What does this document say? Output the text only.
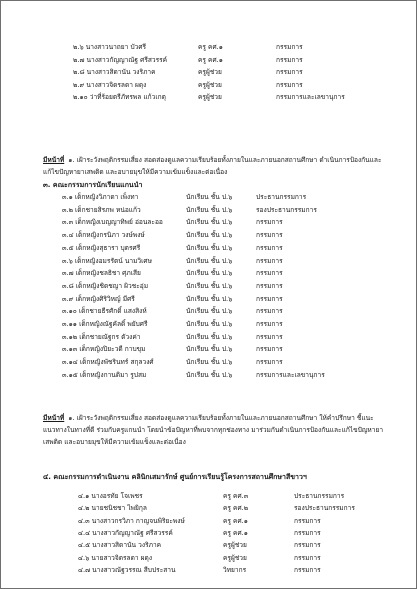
๒.๖ นางสาวนาถยา บัวศรี	ครู คศ.๑	กรรมการ
๒.๗ นางสาวกัญญาณัฐ ศรีสวรรค์	ครู คศ.๑	กรรมการ
๒.๘ นางสาวสิดานัน วงริภาค	ครูผู้ช่วย	กรรมการ
๒.๙ นางสาวจิดรลดา ผดุง	ครูผู้ช่วย	กรรมการ
๒.๑๐ ว่าที่ร้อยตรีภัทรพล แก้วเกตุ	ครูผู้ช่วย	กรรมการและเลขานุการ
มีหน้าที่ ๑. เฝ้าระวังพฤติกรรมเสี่ยง สอดส่องดูแลความเรียบร้อยทั้งภายในและภายนอกสถานศึกษา ดำเนินการป้องกันและแก้ไขปัญหายาเสพติด และอบายมุขให้มีความเข้มแข็งและต่อเนื่อง
๓. คณะกรรมการนักเรียนแกนนำ
๓.๑ เด็กหญิงวิภาดา เพ็งทา	นักเรียน ชั้น ป.๖	ประธานกรรมการ
๓.๒ เด็กชายสิรภพ หน่อแก้ว	นักเรียน ชั้น ป.๖	รองประธานกรรมการ
๓.๓ เด็กหญิงเบญญาทิพย์ อ่อนละออ	นักเรียน ชั้น ป.๖	กรรมการ
๓.๔ เด็กหญิงกรนิภา วงษ์พงษ์	นักเรียน ชั้น ป.๖	กรรมการ
๓.๕ เด็กหญิงสุธารา บุตรศรี	นักเรียน ชั้น ป.๖	กรรมการ
๓.๖ เด็กหญิงอมรรัตน์ นามวิเศษ	นักเรียน ชั้น ป.๖	กรรมการ
๓.๗ เด็กหญิงชลธิชา ศุภเสีย	นักเรียน ชั้น ป.๖	กรรมการ
๓.๘ เด็กหญิงชิดชญา ผิวชะอุ่ม	นักเรียน ชั้น ป.๖	กรรมการ
๓.๙ เด็กหญิงศิริวิหญ์ มีศรี	นักเรียน ชั้น ป.๖	กรรมการ
๓.๑๐ เด็กชายธีรศักดิ์ แสงสิงห์	นักเรียน ชั้น ป.๖	กรรมการ
๓.๑๑ เด็กหญิงณัฐคัลดิ์ พยับศรี	นักเรียน ชั้น ป.๖	กรรมการ
๓.๑๒ เด็กชายณัฐกร ตัวงค่า	นักเรียน ชั้น ป.๖	กรรมการ
๓.๑๓ เด็กหญิงปิยะวดี กาบขุม	นักเรียน ชั้น ป.๖	กรรมการ
๓.๑๔ เด็กหญิงพัชรินทร์ สกุลวงศ์	นักเรียน ชั้น ป.๖	กรรมการ
๓.๑๕ เด็กหญิงกานติมา รูปสม	นักเรียน ชั้น ป.๖	กรรมการและเลขานุการ
มีหน้าที่ ๑. เฝ้าระวังพฤติกรรมเสี่ยง สอดส่องดูแลความเรียบร้อยทั้งภายในและภายนอกสถานศึกษา ให้คำปรึกษา ชี้แนะแนวทางในทางที่ดี ร่วมกับครูแกนนำ โดยนำข้อปัญหาที่พบจากทุกช่องทาง มาร่วมกันดำเนินการป้องกันและแก้ไขปัญหายาเสพติด และอบายมุขให้มีความเข้มแข็งและต่อเนื่อง
๔. คณะกรรมการดำเนินงาน คลินิกเสมารักษ์ ศูนย์การเรียนรู้โครงการสถานศึกษาสีขาวฯ
๔.๑ นางอรทัย โจเพชร	ครู คศ.๓	ประธานกรรมการ
๔.๒ นายชนิชชา ไพยิกุล	ครู คศ.๒	รองประธานกรรมการ
๔.๓ นางสาวกรวิภา กาญจนพิริยะพงษ์	ครู คศ.๑	กรรมการ
๔.๔ นางสาวกัญญาณัฐ ศรีสวรรค์	ครู คศ.๑	กรรมการ
๔.๕ นางสาวสิดานัน วงริภาค	ครูผู้ช่วย	กรรมการ
๔.๖ นายสาวจิดรลดา ผดุง	ครูผู้ช่วย	กรรมการ
๔.๗ นางสาวณัฐวรรณ สีบประสาน	วิทยากร	กรรมการ
